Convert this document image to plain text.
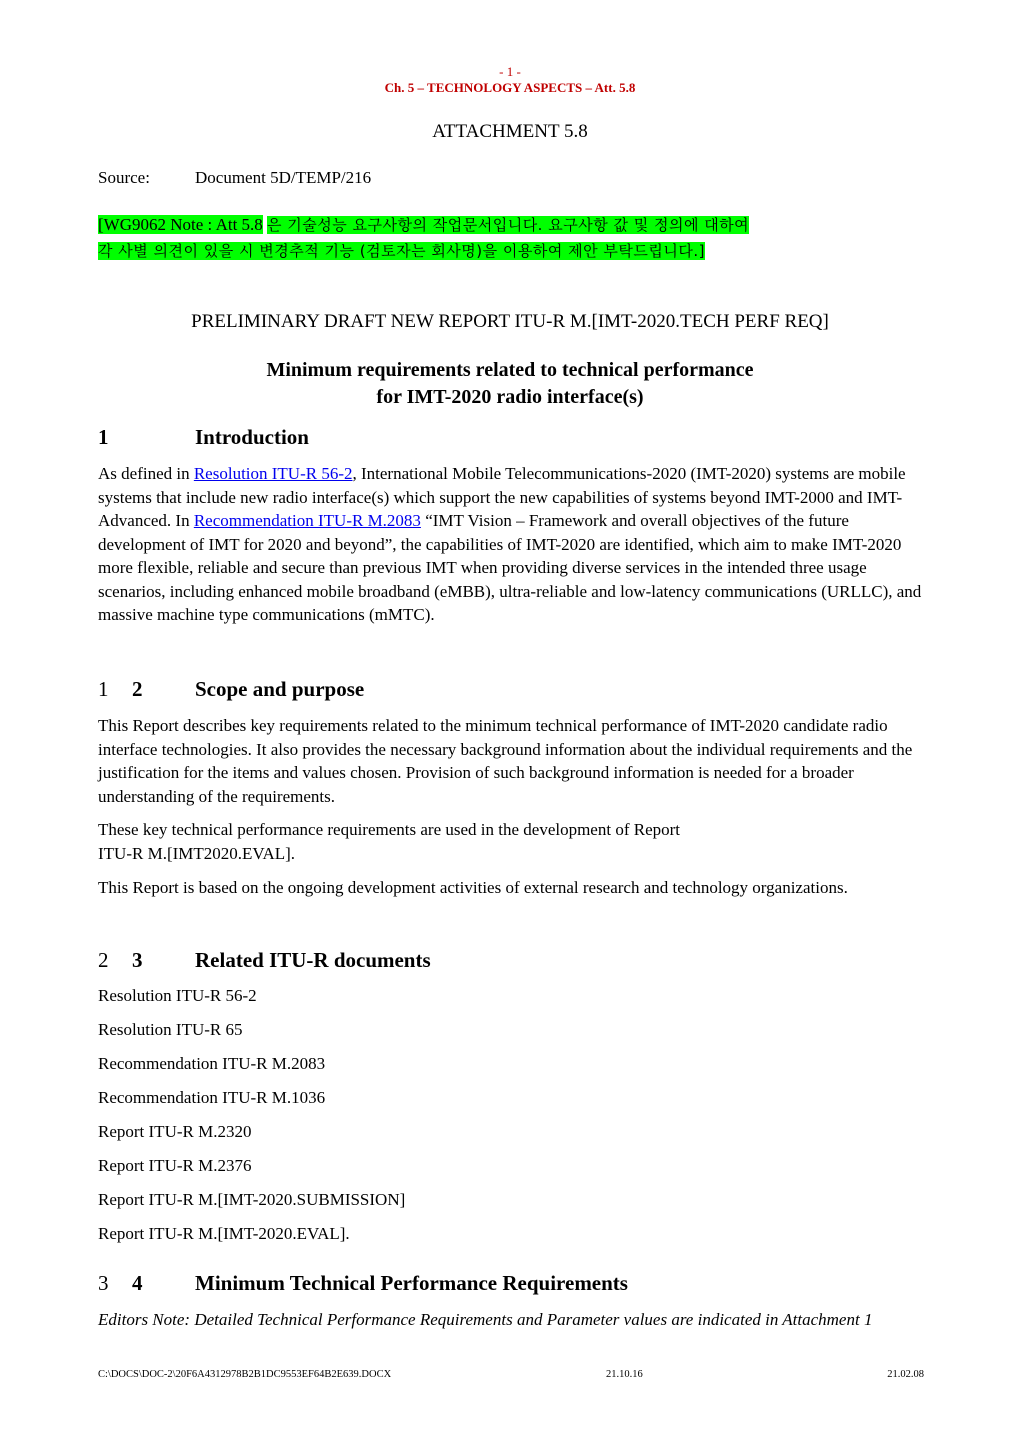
- 1 -
Ch. 5 – TECHNOLOGY ASPECTS – Att. 5.8
ATTACHMENT 5.8
Source:	Document 5D/TEMP/216
[WG9062 Note : Att 5.8 은 기술성능 요구사항의 작업문서입니다. 요구사항 값 및 정의에 대하여
각 사별 의견이 있을 시 변경추적 기능 (검토자는 회사명)을 이용하여 제안 부탁드립니다.]
PRELIMINARY DRAFT NEW REPORT ITU-R M.[IMT-2020.TECH PERF REQ]
Minimum requirements related to technical performance
for IMT-2020 radio interface(s)
1	Introduction
As defined in Resolution ITU-R 56-2, International Mobile Telecommunications-2020 (IMT-2020) systems are mobile systems that include new radio interface(s) which support the new capabilities of systems beyond IMT-2000 and IMT-Advanced. In Recommendation ITU-R M.2083 “IMT Vision – Framework and overall objectives of the future development of IMT for 2020 and beyond”, the capabilities of IMT-2020 are identified, which aim to make IMT-2020 more flexible, reliable and secure than previous IMT when providing diverse services in the intended three usage scenarios, including enhanced mobile broadband (eMBB), ultra-reliable and low-latency communications (URLLC), and massive machine type communications (mMTC).
1 2	Scope and purpose
This Report describes key requirements related to the minimum technical performance of IMT-2020 candidate radio interface technologies. It also provides the necessary background information about the individual requirements and the justification for the items and values chosen. Provision of such background information is needed for a broader understanding of the requirements.
These key technical performance requirements are used in the development of Report
ITU-R M.[IMT2020.EVAL].
This Report is based on the ongoing development activities of external research and technology organizations.
2 3	Related ITU-R documents
Resolution ITU-R 56-2
Resolution ITU-R 65
Recommendation ITU-R M.2083
Recommendation ITU-R M.1036
Report ITU-R M.2320
Report ITU-R M.2376
Report ITU-R M.[IMT-2020.SUBMISSION]
Report ITU-R M.[IMT-2020.EVAL].
3 4	Minimum Technical Performance Requirements
Editors Note: Detailed Technical Performance Requirements and Parameter values are indicated in Attachment 1
C:\DOCS\DOC-2\20F6A4312978B2B1DC9553EF64B2E639.DOCX	21.10.16	21.02.08
